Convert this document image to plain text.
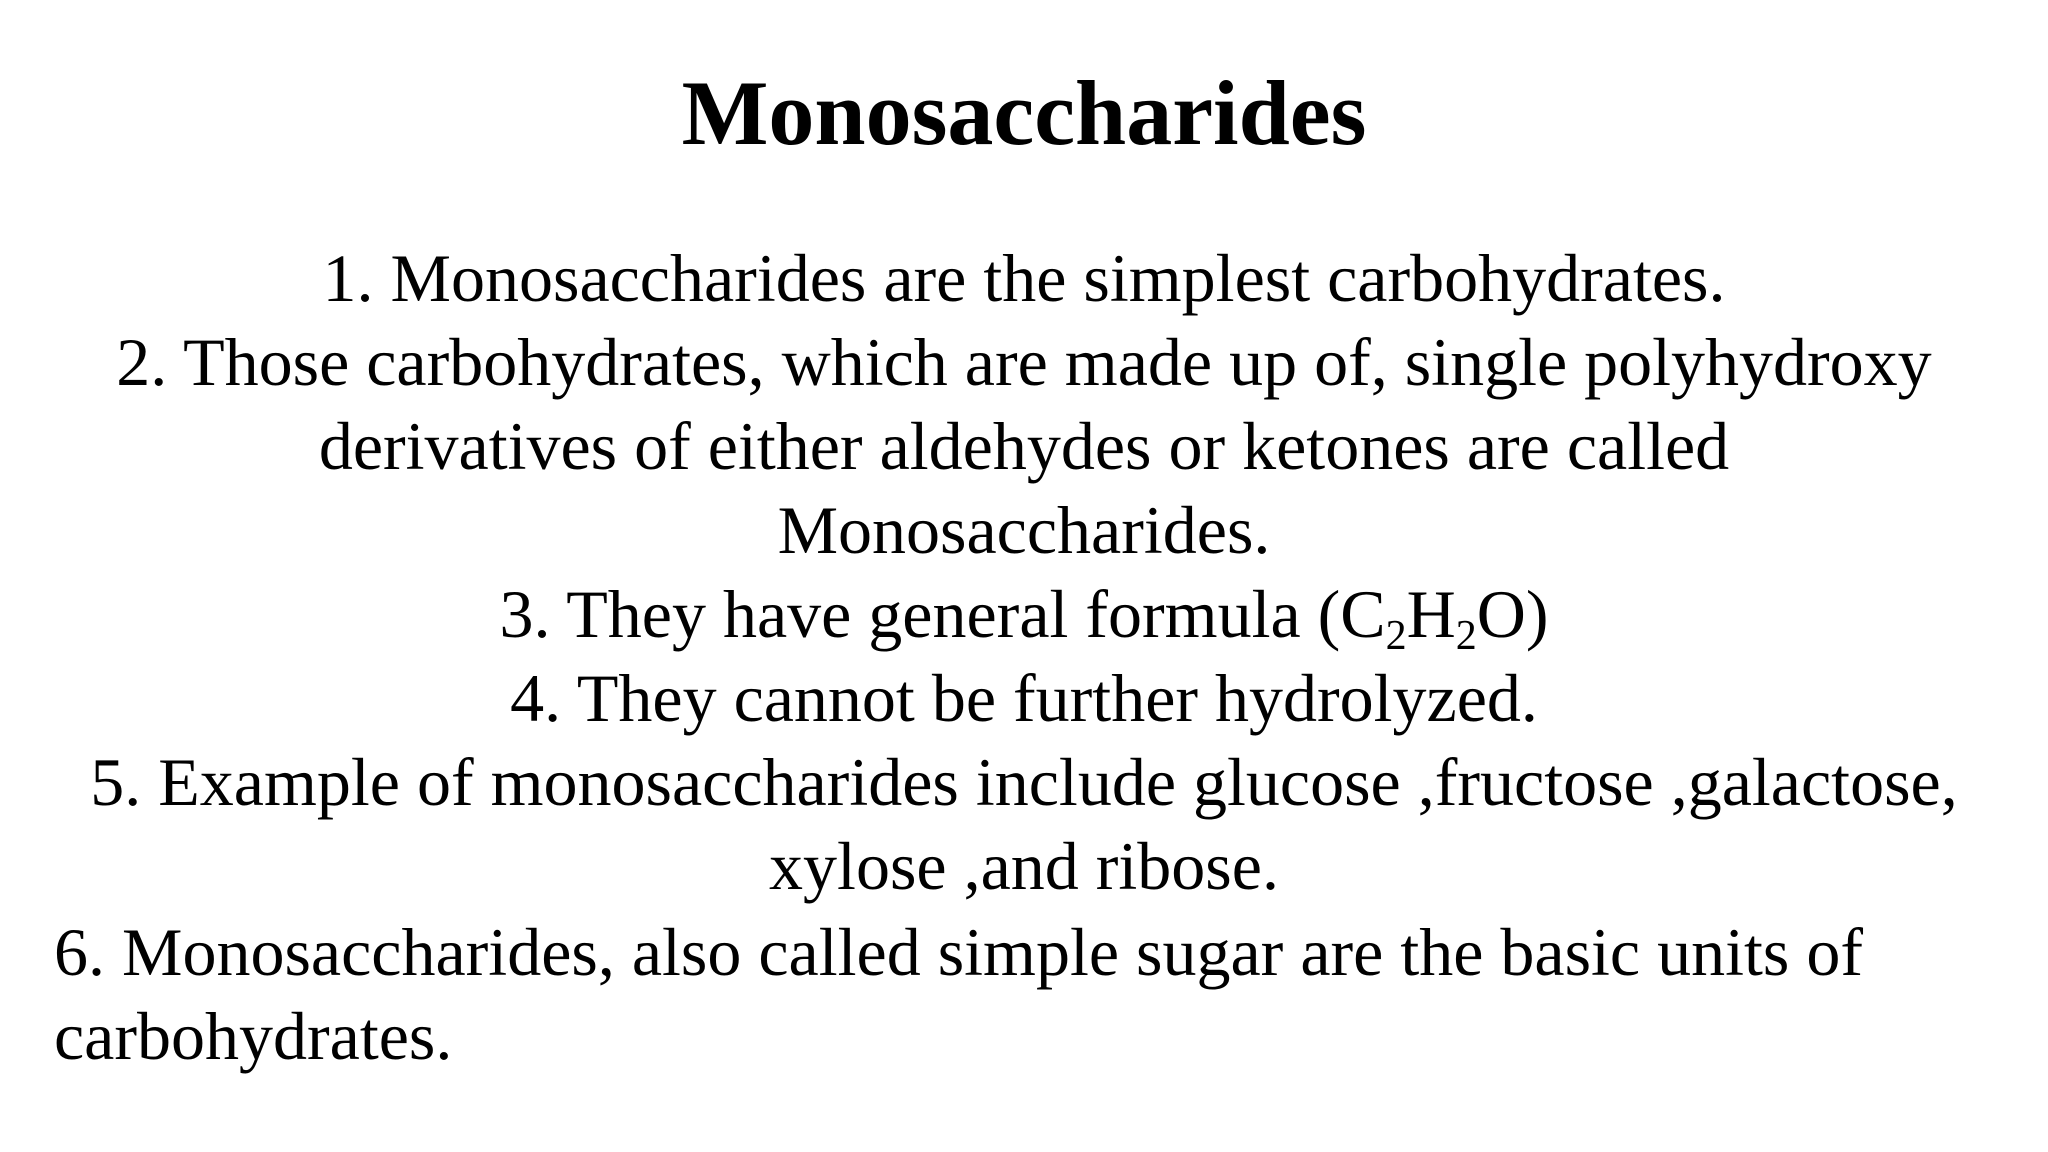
Monosaccharides

1. Monosaccharides are the simplest carbohydrates.

2. Those carbohydrates, which are made up of, single polyhydroxy

derivatives of either aldehydes or ketones are called

Monosaccharides.

3. They have general formula $(C_2H_2O)$

4. They cannot be further hydrolyzed.

5. Example of monosaccharides include glucose ,fructose ,galactose,

xylose ,and ribose.

6. Monosaccharides, also called simple sugar are the basic units of

carbohydrates.
